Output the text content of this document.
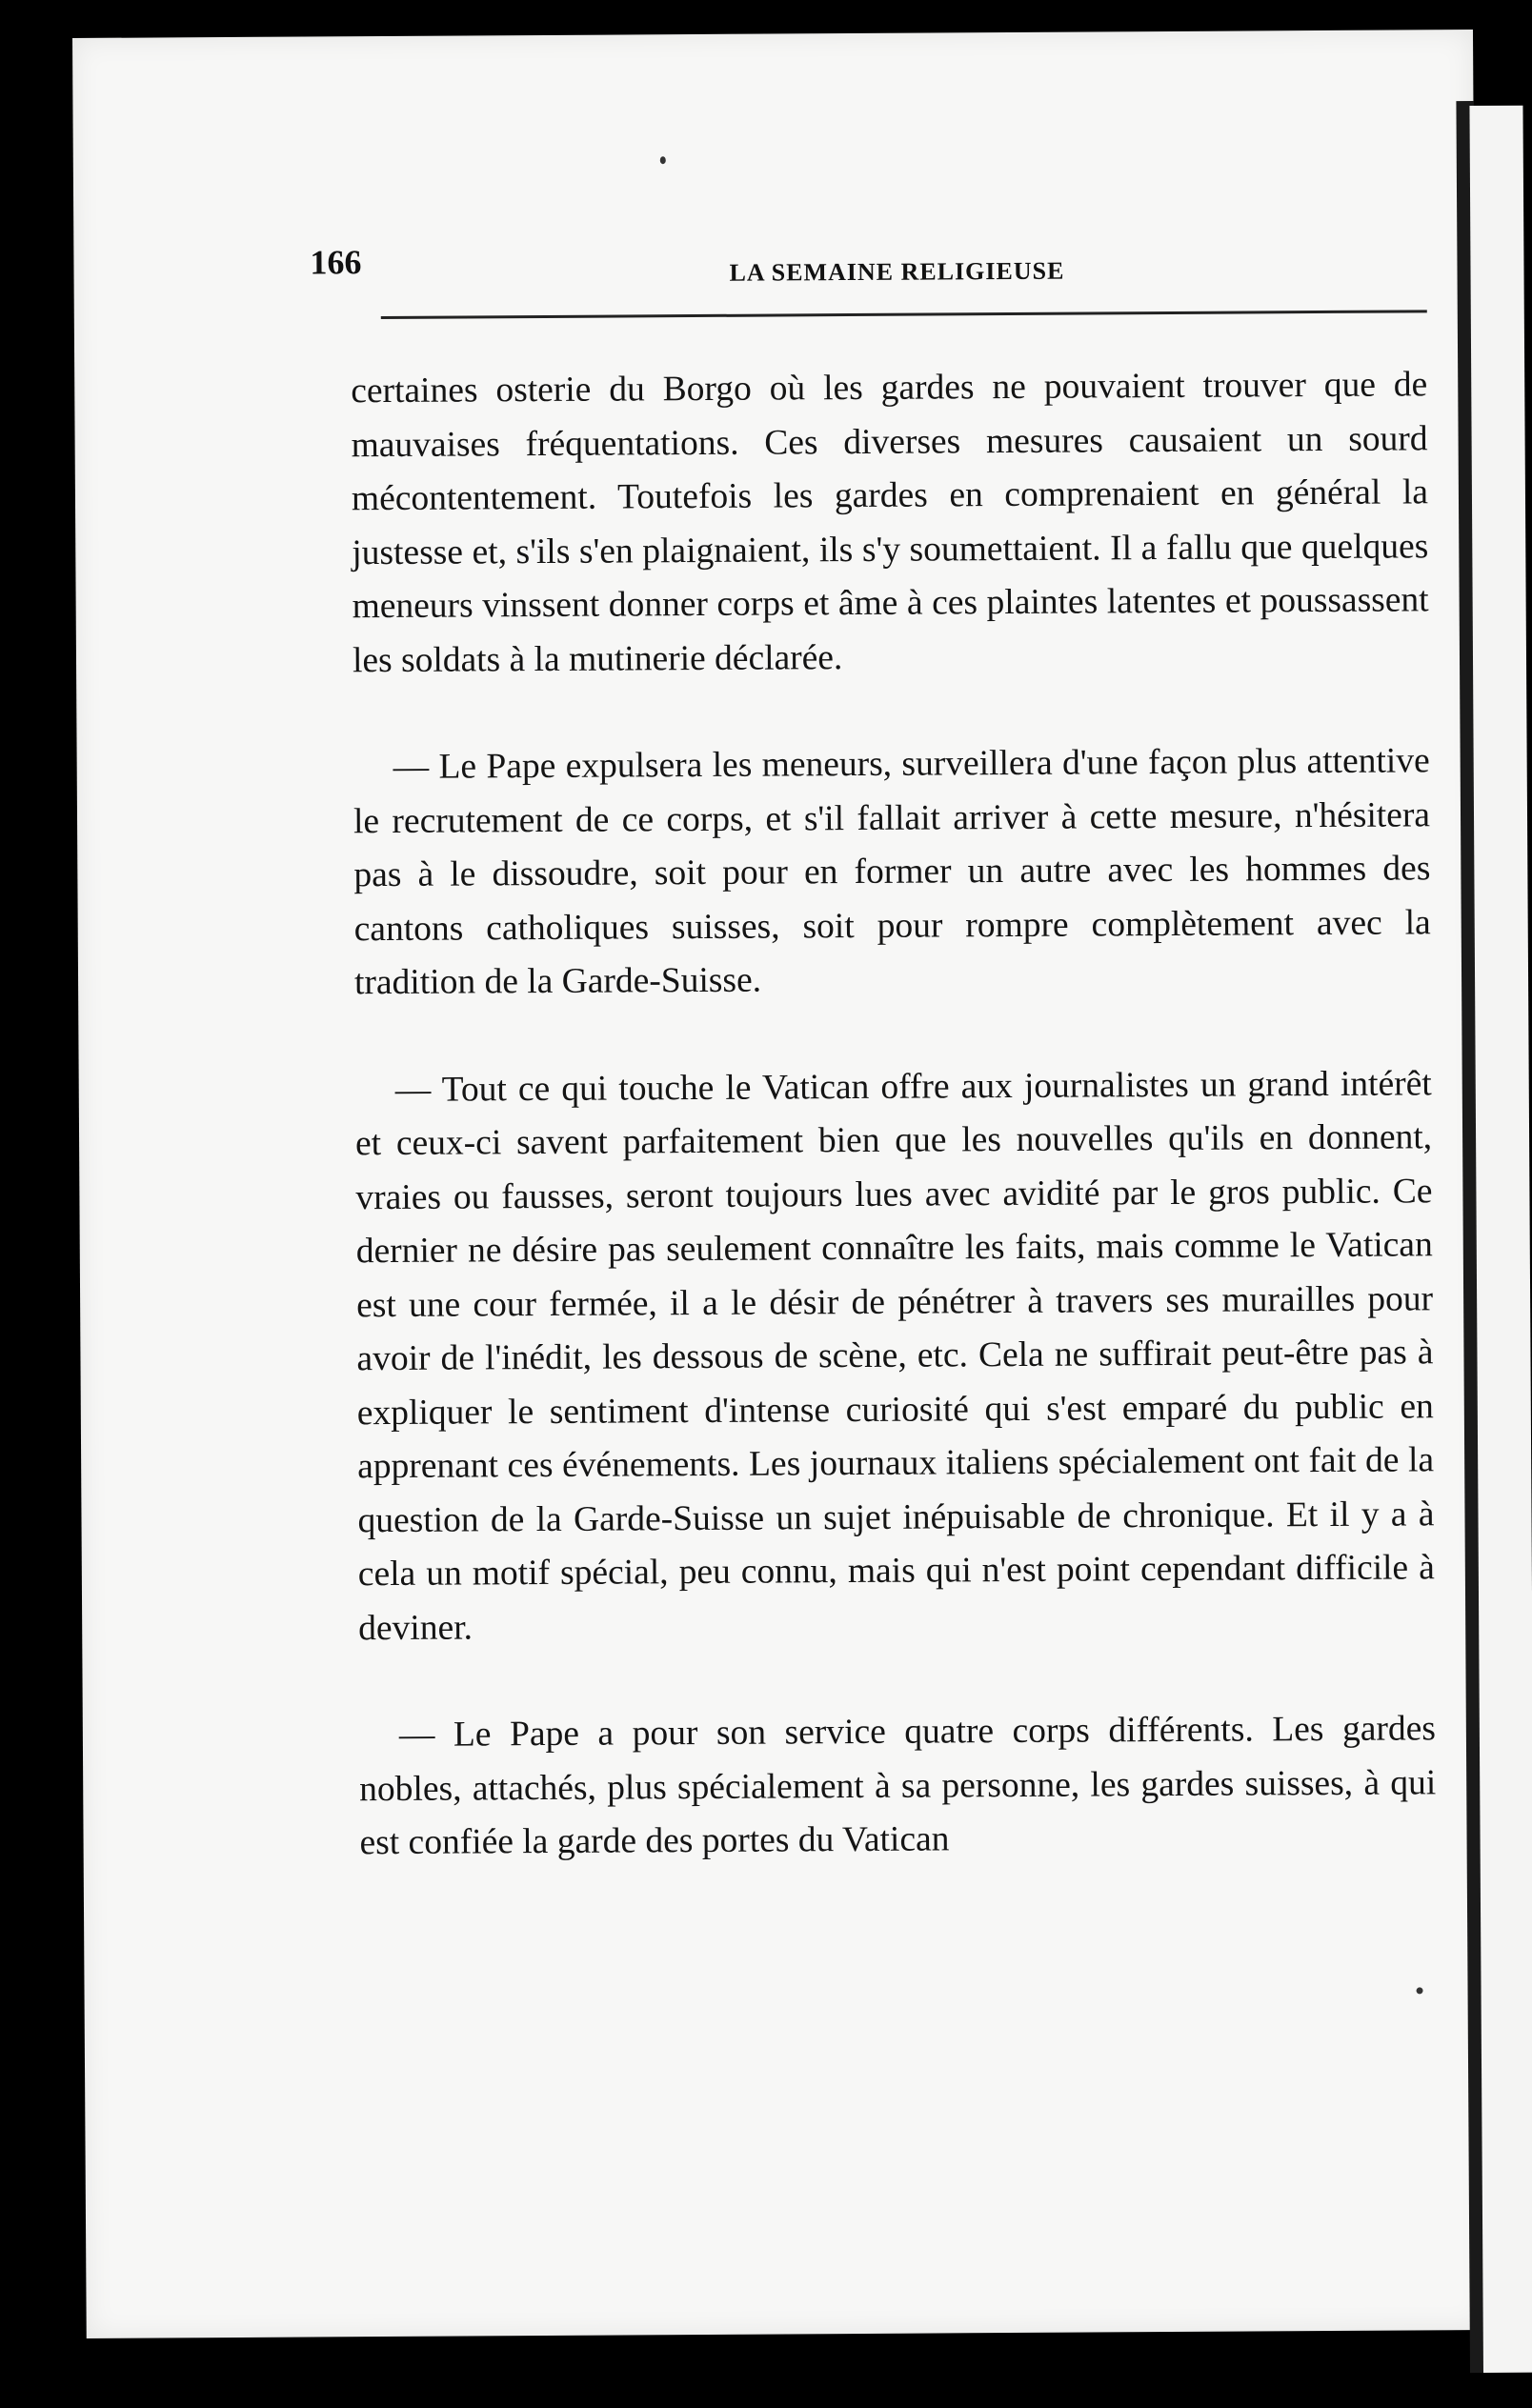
166	LA SEMAINE RELIGIEUSE

certaines osterie du Borgo où les gardes ne pouvaient trouver que de mauvaises fréquentations. Ces diverses mesures causaient un sourd mécontentement. Toutefois les gardes en comprenaient en général la justesse et, s'ils s'en plaignaient, ils s'y soumettaient. Il a fallu que quelques meneurs vinssent donner corps et âme à ces plaintes latentes et poussassent les soldats à la mutinerie déclarée.

— Le Pape expulsera les meneurs, surveillera d'une façon plus attentive le recrutement de ce corps, et s'il fallait arriver à cette mesure, n'hésitera pas à le dissoudre, soit pour en former un autre avec les hommes des cantons catholiques suisses, soit pour rompre complètement avec la tradition de la Garde-Suisse.

— Tout ce qui touche le Vatican offre aux journalistes un grand intérêt et ceux-ci savent parfaitement bien que les nouvelles qu'ils en donnent, vraies ou fausses, seront toujours lues avec avidité par le gros public. Ce dernier ne désire pas seulement connaître les faits, mais comme le Vatican est une cour fermée, il a le désir de pénétrer à travers ses murailles pour avoir de l'inédit, les dessous de scène, etc. Cela ne suffirait peut-être pas à expliquer le sentiment d'intense curiosité qui s'est emparé du public en apprenant ces événements. Les journaux italiens spécialement ont fait de la question de la Garde-Suisse un sujet inépuisable de chronique. Et il y a à cela un motif spécial, peu connu, mais qui n'est point cependant difficile à deviner.

— Le Pape a pour son service quatre corps différents. Les gardes nobles, attachés, plus spécialement à sa personne, les gardes suisses, à qui est confiée la garde des portes du Vatican
